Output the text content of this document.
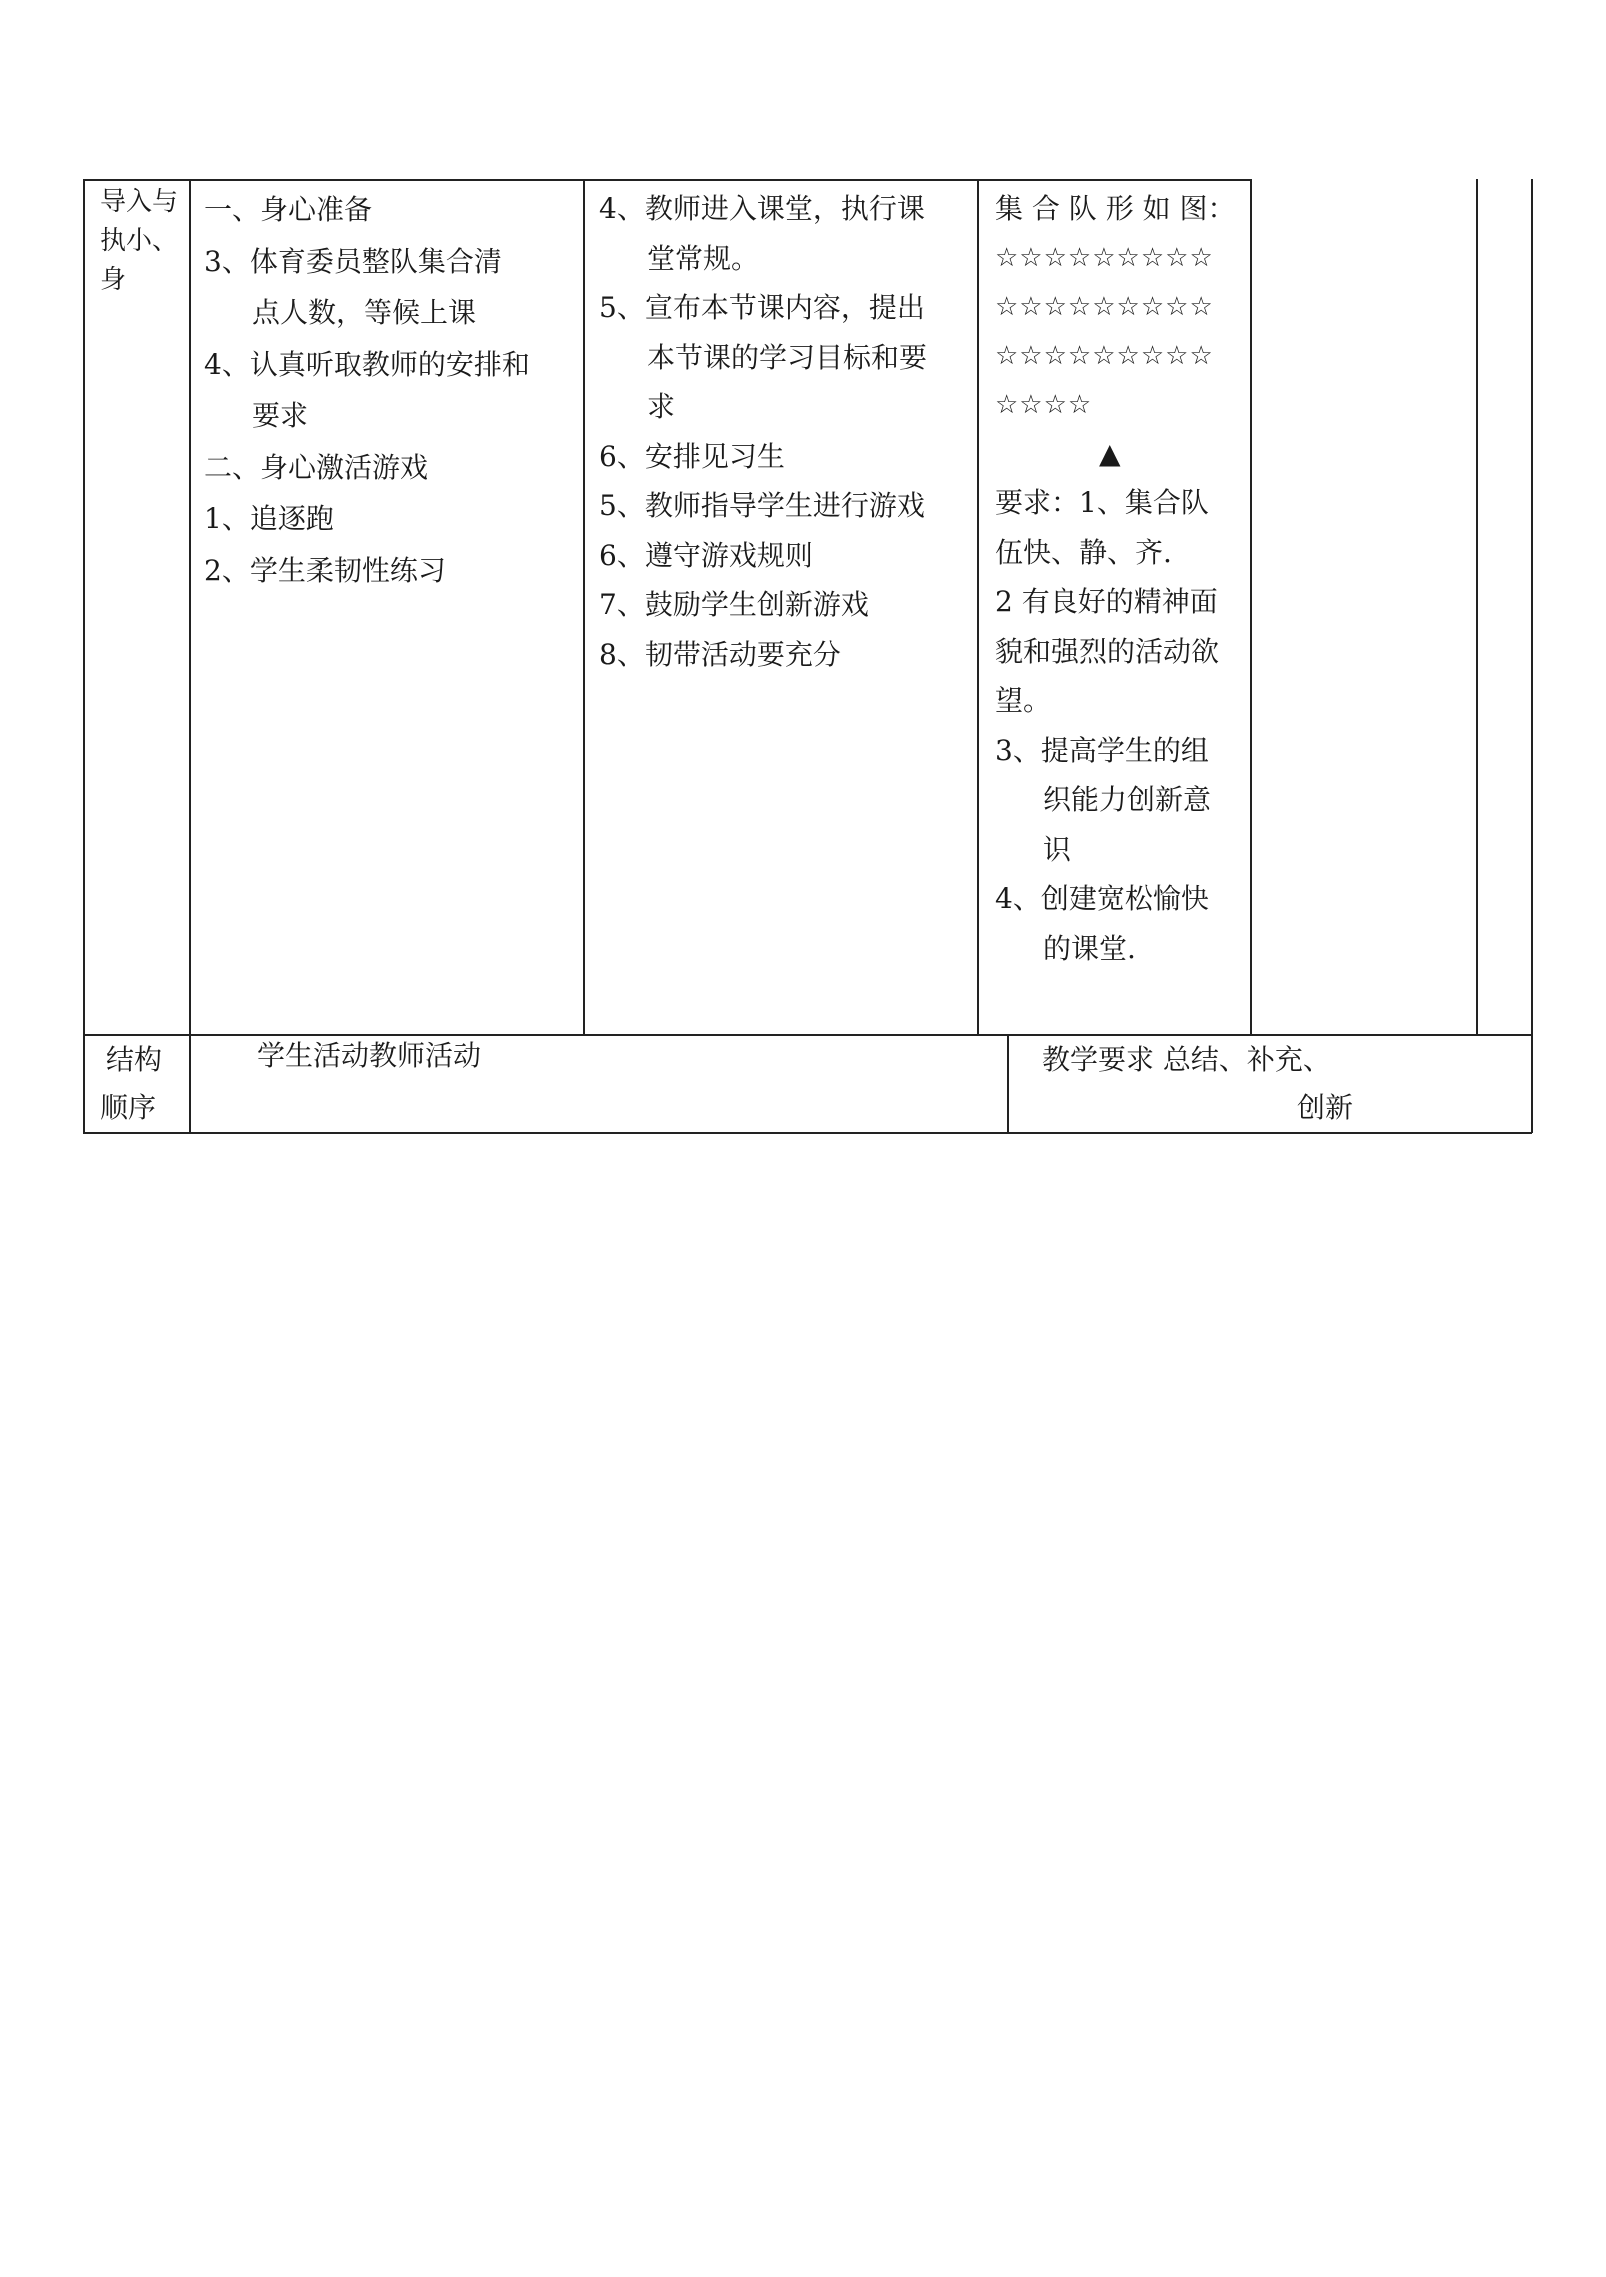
导入与
执小、
身
一、身心准备
3、体育委员整队集合清
点人数，等候上课
4、认真听取教师的安排和
要求
二、身心激活游戏
1、追逐跑
2、学生柔韧性练习
4、教师进入课堂，执行课
堂常规。
5、宣布本节课内容，提出
本节课的学习目标和要
求
6、安排见习生
5、教师指导学生进行游戏
6、遵守游戏规则
7、鼓励学生创新游戏
8、韧带活动要充分
集 合 队 形 如 图：
☆☆☆☆☆☆☆☆☆
☆☆☆☆☆☆☆☆☆
☆☆☆☆☆☆☆☆☆
☆☆☆☆
▲
要求：1、集合队
伍快、静、齐.
2 有良好的精神面
貌和强烈的活动欲
望。
3、提高学生的组
织能力创新意
识
4、创建宽松愉快
的课堂.
结构
顺序
学生活动教师活动	教学要求 总结、补充、
创新
